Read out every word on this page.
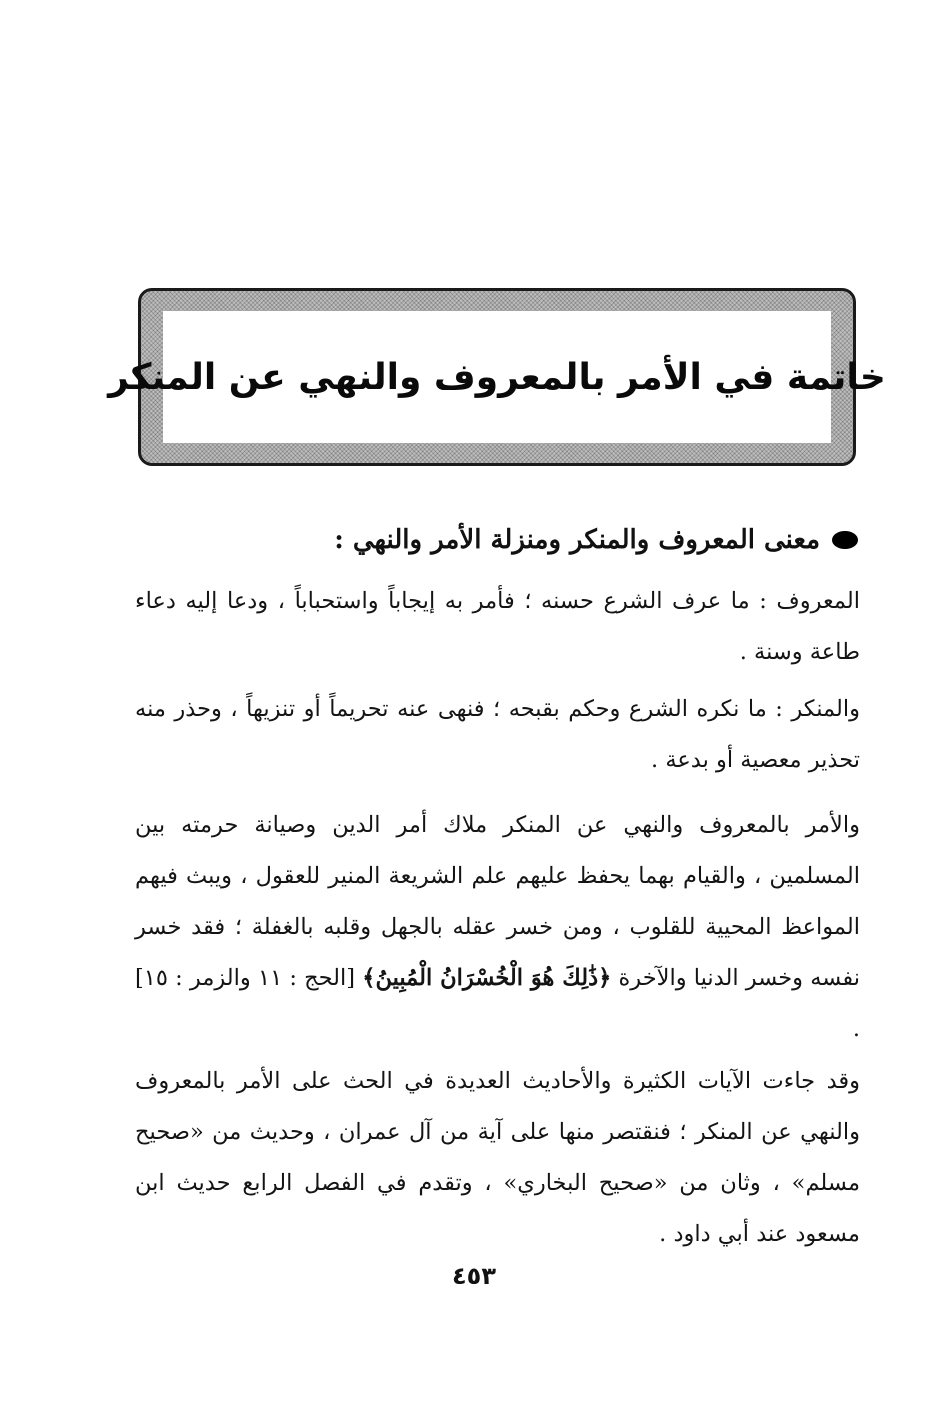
خاتمة في الأمر بالمعروف والنهي عن المنكر
معنى المعروف والمنكر ومنزلة الأمر والنهي :

المعروف : ما عرف الشرع حسنه ؛ فأمر به إيجاباً واستحباباً ، ودعا إليه دعاء طاعة وسنة .

والمنكر : ما نكره الشرع وحكم بقبحه ؛ فنهى عنه تحريماً أو تنزيهاً ، وحذر منه تحذير معصية أو بدعة .

والأمر بالمعروف والنهي عن المنكر ملاك أمر الدين وصيانة حرمته بين المسلمين ، والقيام بهما يحفظ عليهم علم الشريعة المنير للعقول ، ويبث فيهم المواعظ المحيية للقلوب ، ومن خسر عقله بالجهل وقلبه بالغفلة ؛ فقد خسر نفسه وخسر الدنيا والآخرة ﴿ذَٰلِكَ هُوَ الْخُسْرَانُ الْمُبِينُ﴾ [الحج : ١١ والزمر : ١٥] .

وقد جاءت الآيات الكثيرة والأحاديث العديدة في الحث على الأمر بالمعروف والنهي عن المنكر ؛ فنقتصر منها على آية من آل عمران ، وحديث من «صحيح مسلم» ، وثان من «صحيح البخاري» ، وتقدم في الفصل الرابع حديث ابن مسعود عند أبي داود .

٤٥٣
